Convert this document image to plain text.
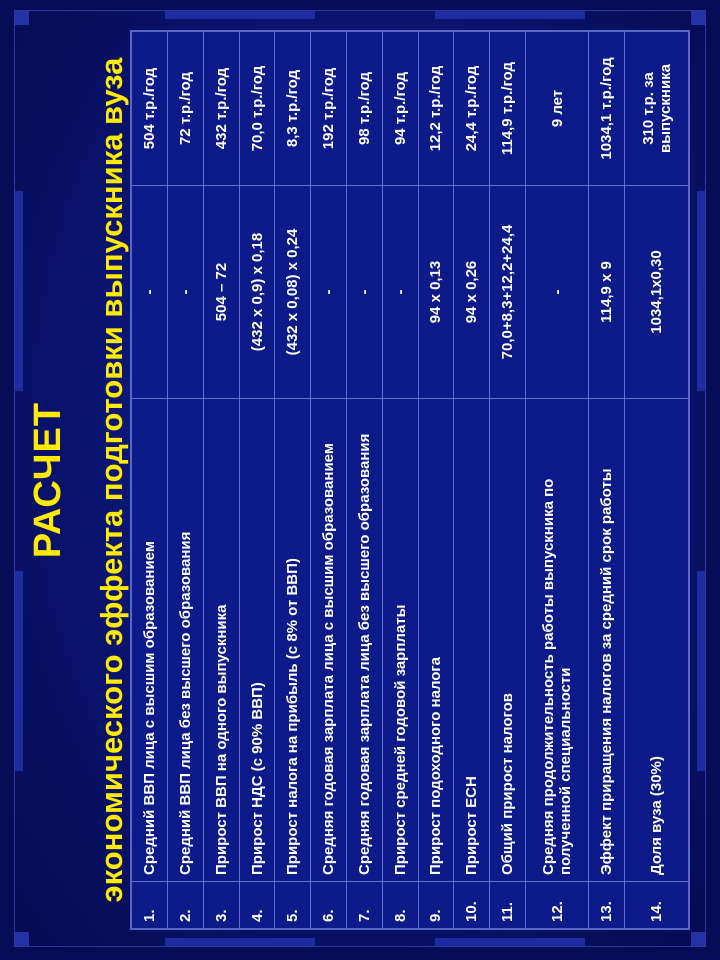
РАСЧЕТ экономического эффекта подготовки выпускника вуза
1.	Средний ВВП лица с высшим образованием	-	504 т.р./год
2.	Средний ВВП лица без высшего образования	-	72 т.р./год
3.	Прирост ВВП на одного выпускника	504 – 72	432 т.р./год
4.	Прирост НДС (с 90% ВВП)	(432 х 0,9) х 0,18	70,0 т.р./год
5.	Прирост налога на прибыль (с 8% от ВВП)	(432 х 0,08) х 0,24	8,3 т.р./год
6.	Средняя годовая зарплата лица с высшим образованием	-	192 т.р./год
7.	Средняя годовая зарплата лица без высшего образования	-	98 т.р./год
8.	Прирост средней годовой зарплаты	-	94 т.р./год
9.	Прирост подоходного налога	94 х 0,13	12,2 т.р./год
10.	Прирост ЕСН	94 х 0,26	24,4 т.р./год
11.	Общий прирост налогов	70,0+8,3+12,2+24,4	114,9 т.р./год
12.	Средняя продолжительность работы выпускника по полученной специальности	-	9 лет
13.	Эффект приращения налогов за средний срок работы	114,9 х 9	1034,1 т.р./год
14.	Доля вуза (30%)	1034,1х0,30	310 т.р. за выпускника
